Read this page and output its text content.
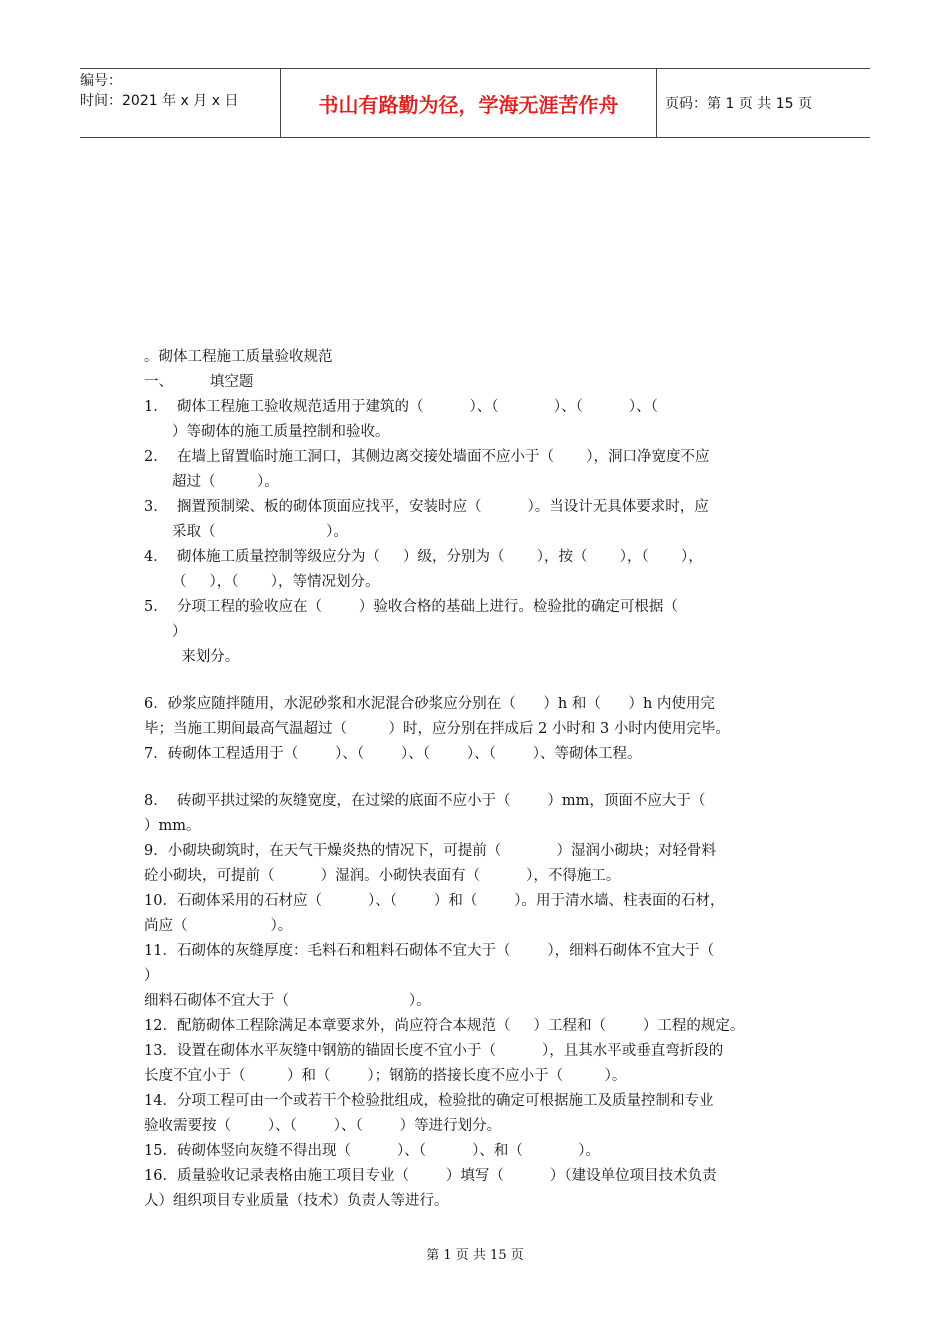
编号：
时间：2021 年 x 月 x 日	书山有路勤为径，学海无涯苦作舟	页码：第 1 页 共 15 页

。砌体工程施工质量验收规范

一、        填空题

1．  砌体工程施工验收规范适用于建筑的（          ）、（            ）、（          ）、（

）等砌体的施工质量控制和验收。

2．  在墙上留置临时施工洞口，其侧边离交接处墙面不应小于（       ），洞口净宽度不应

超过（         ）。

3．  搁置预制梁、板的砌体顶面应找平，安装时应（          ）。当设计无具体要求时，应

采取（                        ）。

4．  砌体施工质量控制等级应分为（     ）级，分别为（       ），按（       ），（       ），

（     ），（       ），等情况划分。

5．  分项工程的验收应在（        ）验收合格的基础上进行。检验批的确定可根据（

）

来划分。

6．砂浆应随拌随用，水泥砂浆和水泥混合砂浆应分别在（      ）h 和（      ）h 内使用完

毕；当施工期间最高气温超过（         ）时，应分别在拌成后 2 小时和 3 小时内使用完毕。

7．砖砌体工程适用于（        ）、（        ）、（        ）、（        ）、等砌体工程。

8．  砖砌平拱过梁的灰缝宽度，在过梁的底面不应小于（        ）mm，顶面不应大于（

）mm。

9．小砌块砌筑时，在天气干燥炎热的情况下，可提前（            ）湿润小砌块；对轻骨料

砼小砌块，可提前（          ）湿润。小砌快表面有（          ），不得施工。

10．石砌体采用的石材应（          ）、（        ）和（        ）。用于清水墙、柱表面的石材，

尚应（                  ）。

11．石砌体的灰缝厚度：毛料石和粗料石砌体不宜大于（        ），细料石砌体不宜大于（

）

细料石砌体不宜大于（                          ）。

12．配筋砌体工程除满足本章要求外，尚应符合本规范（     ）工程和（        ）工程的规定。

13．设置在砌体水平灰缝中钢筋的锚固长度不宜小于（          ），且其水平或垂直弯折段的

长度不宜小于（         ）和（        ）；钢筋的搭接长度不应小于（         ）。

14．分项工程可由一个或若干个检验批组成，检验批的确定可根据施工及质量控制和专业

验收需要按（        ）、（        ）、（        ）等进行划分。

15．砖砌体竖向灰缝不得出现（          ）、（          ）、和（            ）。

16．质量验收记录表格由施工项目专业（        ）填写（          ）（建设单位项目技术负责

人）组织项目专业质量（技术）负责人等进行。

第 1 页 共 15 页
